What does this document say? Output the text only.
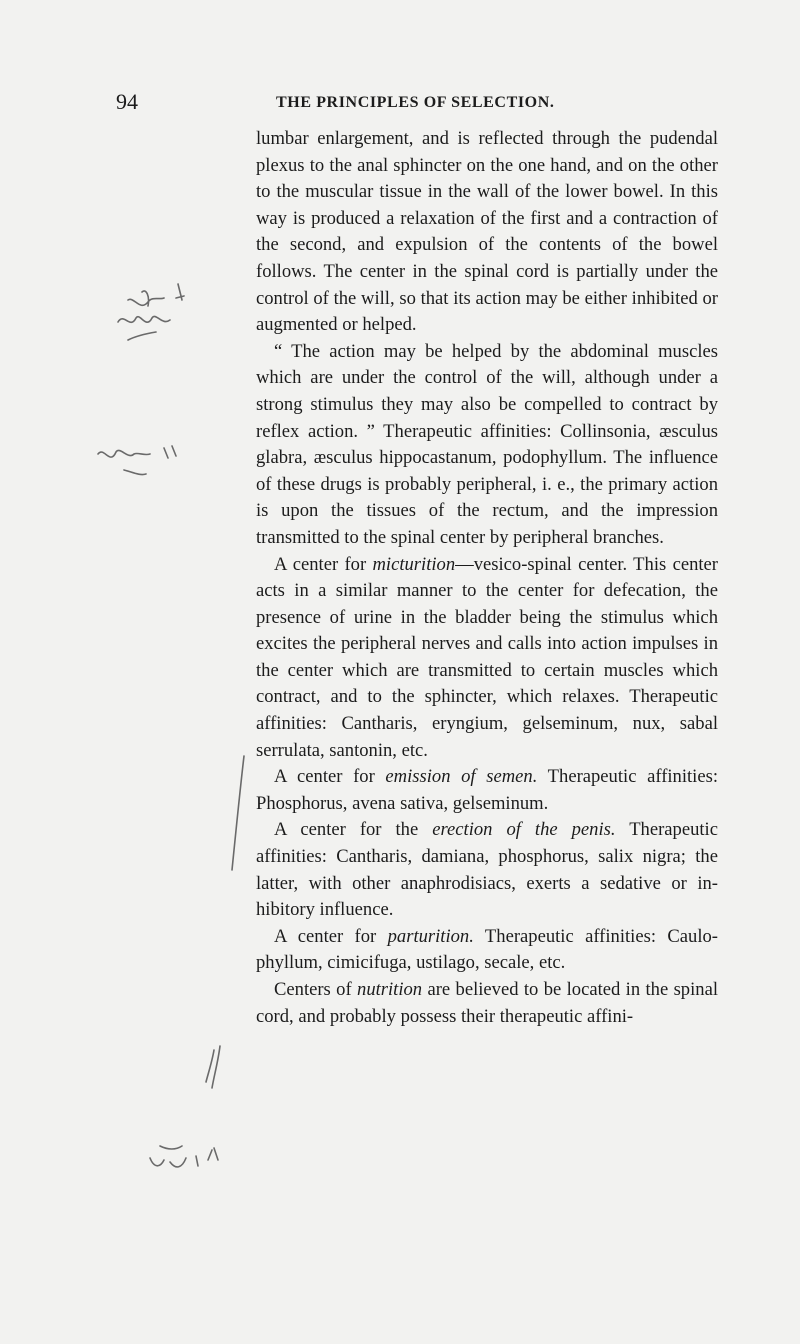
94	THE PRINCIPLES OF SELECTION.

lumbar enlargement, and is reflected through the pudendal plexus to the anal sphincter on the one hand, and on the other to the muscular tissue in the wall of the lower bowel. In this way is produced a relaxation of the first and a contraction of the second, and expulsion of the contents of the bowel follows. The center in the spinal cord is partially under the control of the will, so that its action may be either inhibited or augmented or helped.

“ The action may be helped by the abdominal muscles which are under the control of the will, although under a strong stimulus they may also be compelled to contract by reflex action. ” Therapeutic affinities: Collinsonia, æsculus glabra, æsculus hippocastanum, podophyllum. The influence of these drugs is probably peripheral, i. e., the primary action is upon the tissues of the rectum, and the impression transmitted to the spinal center by peripheral branches.

A center for micturition—vesico-spinal center. This center acts in a similar manner to the center for defecation, the presence of urine in the bladder being the stimulus which excites the peripheral nerves and calls into action impulses in the center which are transmitted to certain muscles which contract, and to the sphincter, which relaxes. Therapeutic affinities: Cantharis, eryngium, gelseminum, nux, sabal serrulata, santonin, etc.

A center for emission of semen. Therapeutic affinities: Phosphorus, avena sativa, gelseminum.

A center for the erection of the penis. Therapeutic affinities: Cantharis, damiana, phosphorus, salix nigra; the latter, with other anaphrodisiacs, exerts a sedative or inhibitory influence.

A center for parturition. Therapeutic affinities: Caulophyllum, cimicifuga, ustilago, secale, etc.

Centers of nutrition are believed to be located in the spinal cord, and probably possess their therapeutic affini-
